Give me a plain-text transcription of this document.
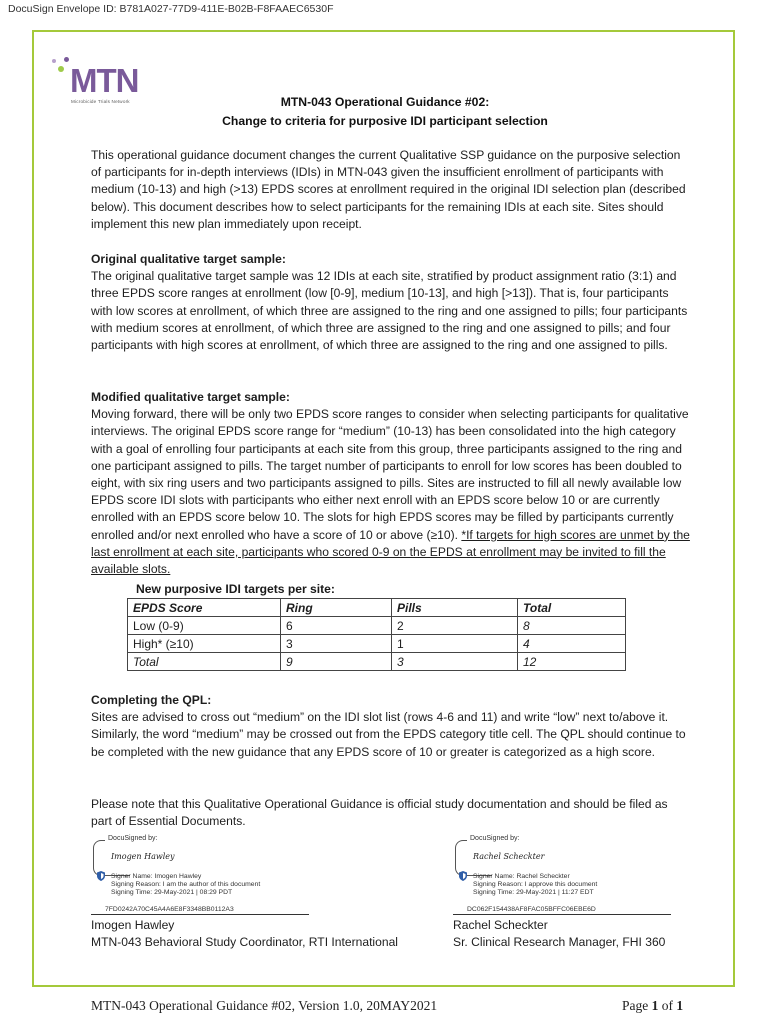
DocuSign Envelope ID: B781A027-77D9-411E-B02B-F8FAAEC6530F
MTN
Microbicide Trials Network	MTN-043 Operational Guidance #02:
Change to criteria for purposive IDI participant selection

This operational guidance document changes the current Qualitative SSP guidance on the purposive selection of participants for in-depth interviews (IDIs) in MTN-043 given the insufficient enrollment of participants with medium (10-13) and high (>13) EPDS scores at enrollment required in the original IDI selection plan (described below). This document describes how to select participants for the remaining IDIs at each site. Sites should implement this new plan immediately upon receipt.

Original qualitative target sample:
The original qualitative target sample was 12 IDIs at each site, stratified by product assignment ratio (3:1) and three EPDS score ranges at enrollment (low [0-9], medium [10-13], and high [>13]). That is, four participants with low scores at enrollment, of which three are assigned to the ring and one assigned to pills; four participants with medium scores at enrollment, of which three are assigned to the ring and one assigned to pills; and four participants with high scores at enrollment, of which three are assigned to the ring and one assigned to pills.

Modified qualitative target sample:
Moving forward, there will be only two EPDS score ranges to consider when selecting participants for qualitative interviews. The original EPDS score range for “medium” (10-13) has been consolidated into the high category with a goal of enrolling four participants at each site from this group, three participants assigned to the ring and one participant assigned to pills. The target number of participants to enroll for low scores has been doubled to eight, with six ring users and two participants assigned to pills. Sites are instructed to fill all newly available low EPDS score IDI slots with participants who either next enroll with an EPDS score below 10 or are currently enrolled with an EPDS score below 10. The slots for high EPDS scores may be filled by participants currently enrolled and/or next enrolled who have a score of 10 or above (≥10). *If targets for high scores are unmet by the last enrollment at each site, participants who scored 0-9 on the EPDS at enrollment may be invited to fill the available slots.

New purposive IDI targets per site:
EPDS Score	Ring	Pills	Total
Low (0-9)	6	2	8
High* (≥10)	3	1	4
Total	9	3	12

Completing the QPL:
Sites are advised to cross out “medium” on the IDI slot list (rows 4-6 and 11) and write “low” next to/above it. Similarly, the word “medium” may be crossed out from the EPDS category title cell. The QPL should continue to be completed with the new guidance that any EPDS score of 10 or greater is categorized as a high score.

Please note that this Qualitative Operational Guidance is official study documentation and should be filed as part of Essential Documents.

DocuSigned by:
Imogen Hawley
Signer Name: Imogen Hawley
Signing Reason: I am the author of this document
Signing Time: 29-May-2021 | 08:29 PDT
7FD0242A70C45A4A6E8F3348BB0112A3
Imogen Hawley
MTN-043 Behavioral Study Coordinator, RTI International
DocuSigned by:
Rachel Scheckter
Signer Name: Rachel Scheckter
Signing Reason: I approve this document
Signing Time: 29-May-2021 | 11:27 EDT
DC062F154438AF8FAC05BFFC06EBE6D
Rachel Scheckter
Sr. Clinical Research Manager, FHI 360
MTN-043 Operational Guidance #02, Version 1.0, 20MAY2021	Page 1 of 1
